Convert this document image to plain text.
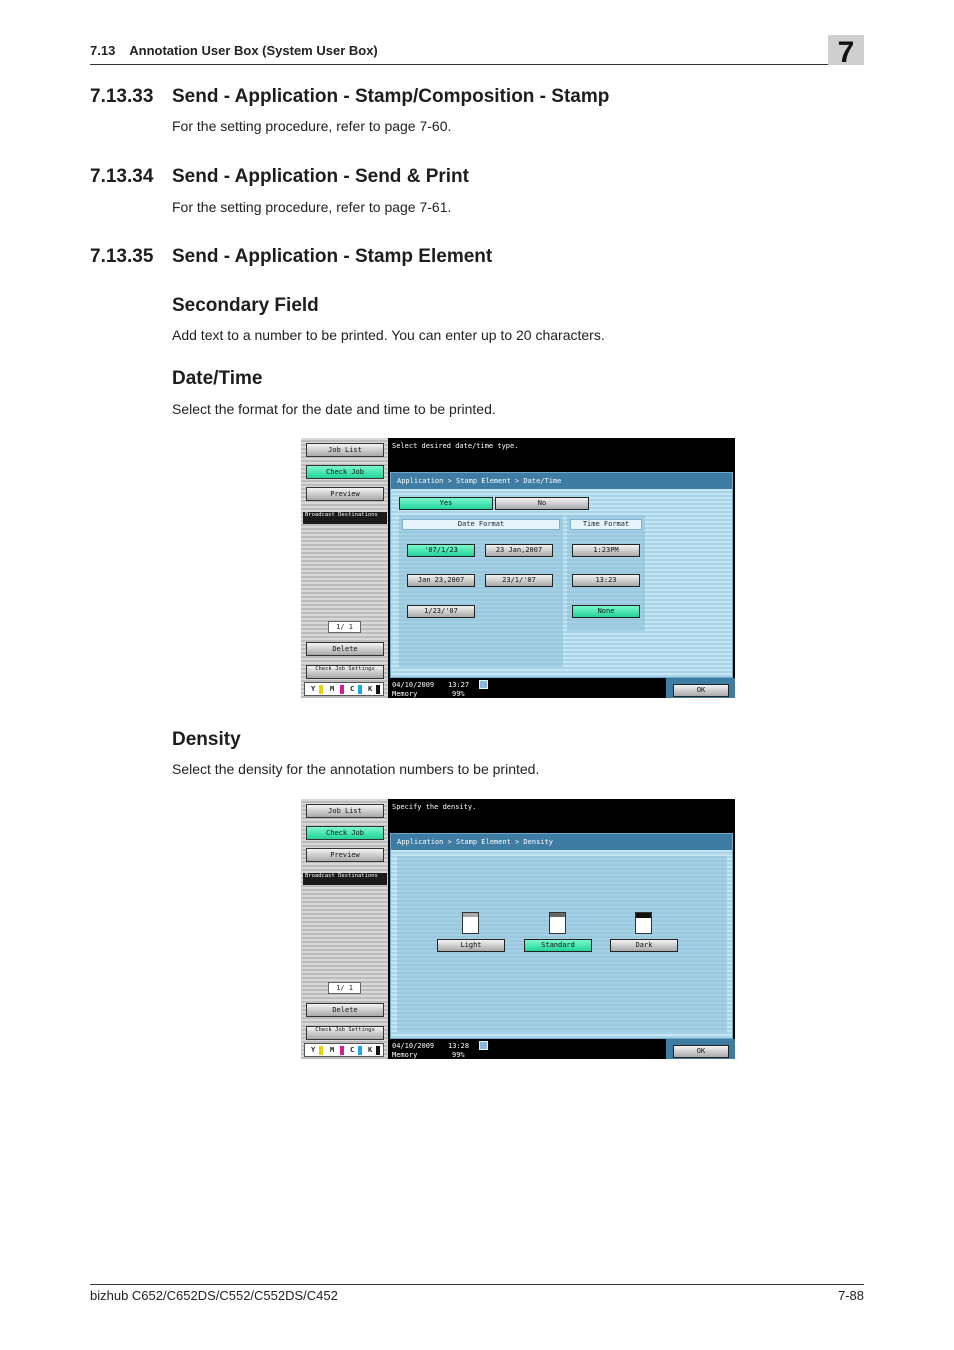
7.13    Annotation User Box (System User Box)	7
7.13.33 Send - Application - Stamp/Composition - Stamp
For the setting procedure, refer to page 7-60.
7.13.34 Send - Application - Send & Print
For the setting procedure, refer to page 7-61.
7.13.35 Send - Application - Stamp Element
Secondary Field
Add text to a number to be printed. You can enter up to 20 characters.
Date/Time
Select the format for the date and time to be printed.
Job List
Check Job
Preview
Broadcast Destinations
1/ 1
Delete
Check Job Settings
Y M C K
Select desired date/time type.
Application > Stamp Element > Date/Time
Yes	No
Date Format	Time Format
'07/1/23	23 Jan,2007
Jan 23,2007	23/1/'07
1/23/'07
1:23PM
13:23
None
04/10/2009 13:27
Memory	99%	OK
Density
Select the density for the annotation numbers to be printed.
Job List
Check Job
Preview
Broadcast Destinations
1/ 1
Delete
Check Job Settings
Y M C K
Specify the density.
Application > Stamp Element > Density
Light	Standard	Dark
04/10/2009 13:28
Memory	99%	OK
bizhub C652/C652DS/C552/C552DS/C452	7-88
